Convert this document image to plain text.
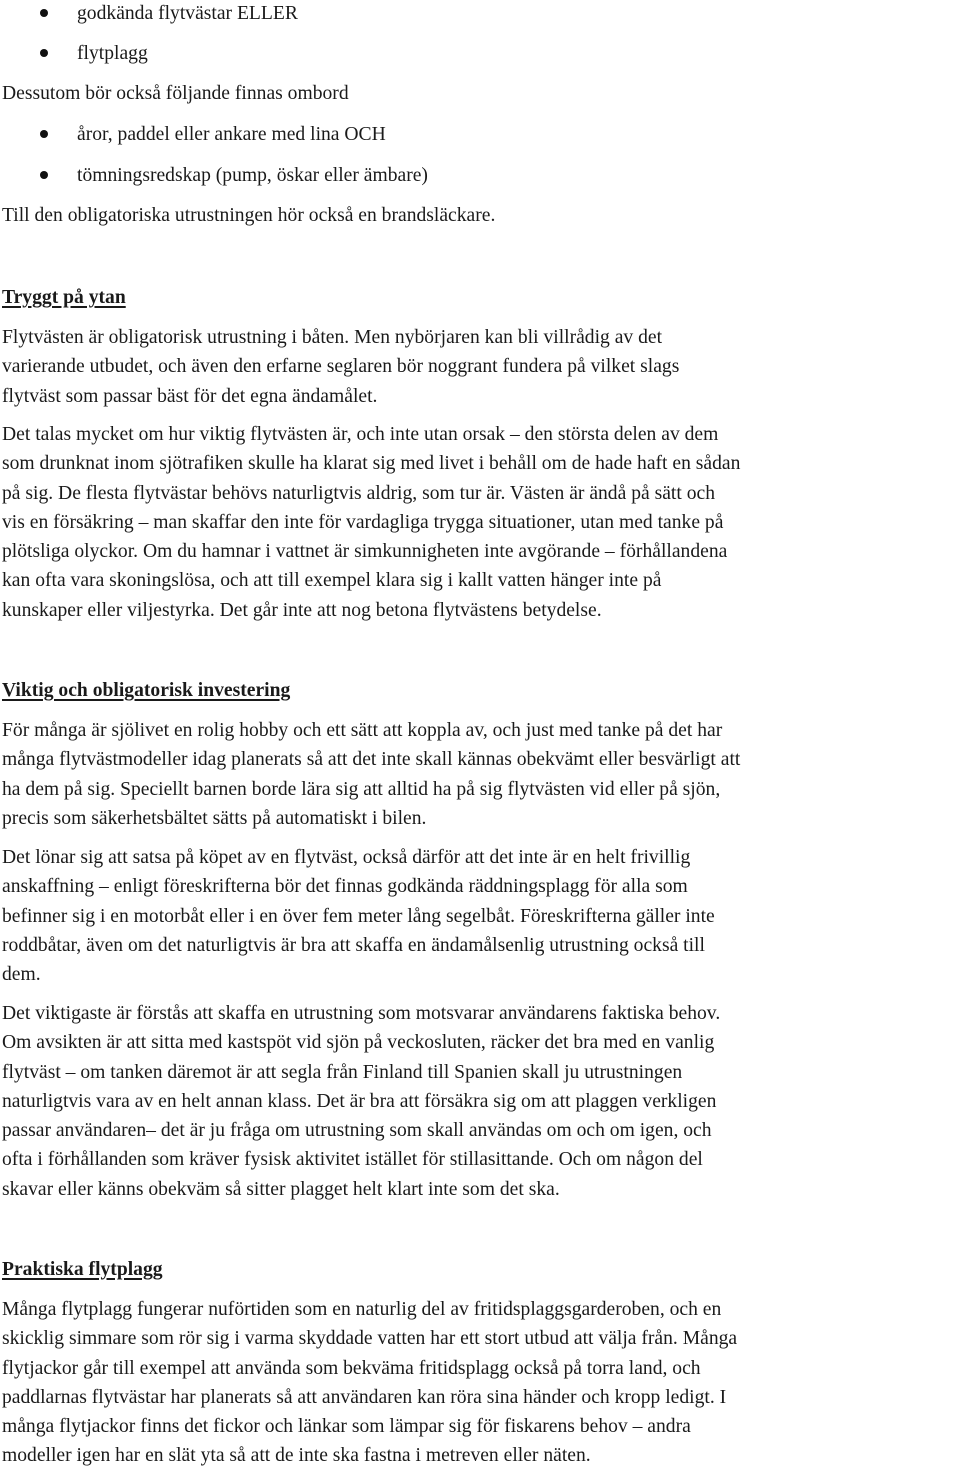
godkända flytvästar ELLER
flytplagg

Dessutom bör också följande finnas ombord

åror, paddel eller ankare med lina OCH
tömningsredskap (pump, öskar eller ämbare)

Till den obligatoriska utrustningen hör också en brandsläckare.

Tryggt på ytan

Flytvästen är obligatorisk utrustning i båten. Men nybörjaren kan bli villrådig av det
varierande utbudet, och även den erfarne seglaren bör noggrant fundera på vilket slags
flytväst som passar bäst för det egna ändamålet.

Det talas mycket om hur viktig flytvästen är, och inte utan orsak – den största delen av dem
som drunknat inom sjötrafiken skulle ha klarat sig med livet i behåll om de hade haft en sådan
på sig. De flesta flytvästar behövs naturligtvis aldrig, som tur är. Västen är ändå på sätt och
vis en försäkring – man skaffar den inte för vardagliga trygga situationer, utan med tanke på
plötsliga olyckor. Om du hamnar i vattnet är simkunnigheten inte avgörande – förhållandena
kan ofta vara skoningslösa, och att till exempel klara sig i kallt vatten hänger inte på
kunskaper eller viljestyrka. Det går inte att nog betona flytvästens betydelse.

Viktig och obligatorisk investering

För många är sjölivet en rolig hobby och ett sätt att koppla av, och just med tanke på det har
många flytvästmodeller idag planerats så att det inte skall kännas obekvämt eller besvärligt att
ha dem på sig. Speciellt barnen borde lära sig att alltid ha på sig flytvästen vid eller på sjön,
precis som säkerhetsbältet sätts på automatiskt i bilen.

Det lönar sig att satsa på köpet av en flytväst, också därför att det inte är en helt frivillig
anskaffning – enligt föreskrifterna bör det finnas godkända räddningsplagg för alla som
befinner sig i en motorbåt eller i en över fem meter lång segelbåt. Föreskrifterna gäller inte
roddbåtar, även om det naturligtvis är bra att skaffa en ändamålsenlig utrustning också till
dem.

Det viktigaste är förstås att skaffa en utrustning som motsvarar användarens faktiska behov.
Om avsikten är att sitta med kastspöt vid sjön på veckosluten, räcker det bra med en vanlig
flytväst – om tanken däremot är att segla från Finland till Spanien skall ju utrustningen
naturligtvis vara av en helt annan klass. Det är bra att försäkra sig om att plaggen verkligen
passar användaren– det är ju fråga om utrustning som skall användas om och om igen, och
ofta i förhållanden som kräver fysisk aktivitet istället för stillasittande. Och om någon del
skavar eller känns obekväm så sitter plagget helt klart inte som det ska.

Praktiska flytplagg

Många flytplagg fungerar nuförtiden som en naturlig del av fritidsplaggsgarderoben, och en
skicklig simmare som rör sig i varma skyddade vatten har ett stort utbud att välja från. Många
flytjackor går till exempel att använda som bekväma fritidsplagg också på torra land, och
paddlarnas flytvästar har planerats så att användaren kan röra sina händer och kropp ledigt. I
många flytjackor finns det fickor och länkar som lämpar sig för fiskarens behov – andra
modeller igen har en slät yta så att de inte ska fastna i metreven eller näten.
